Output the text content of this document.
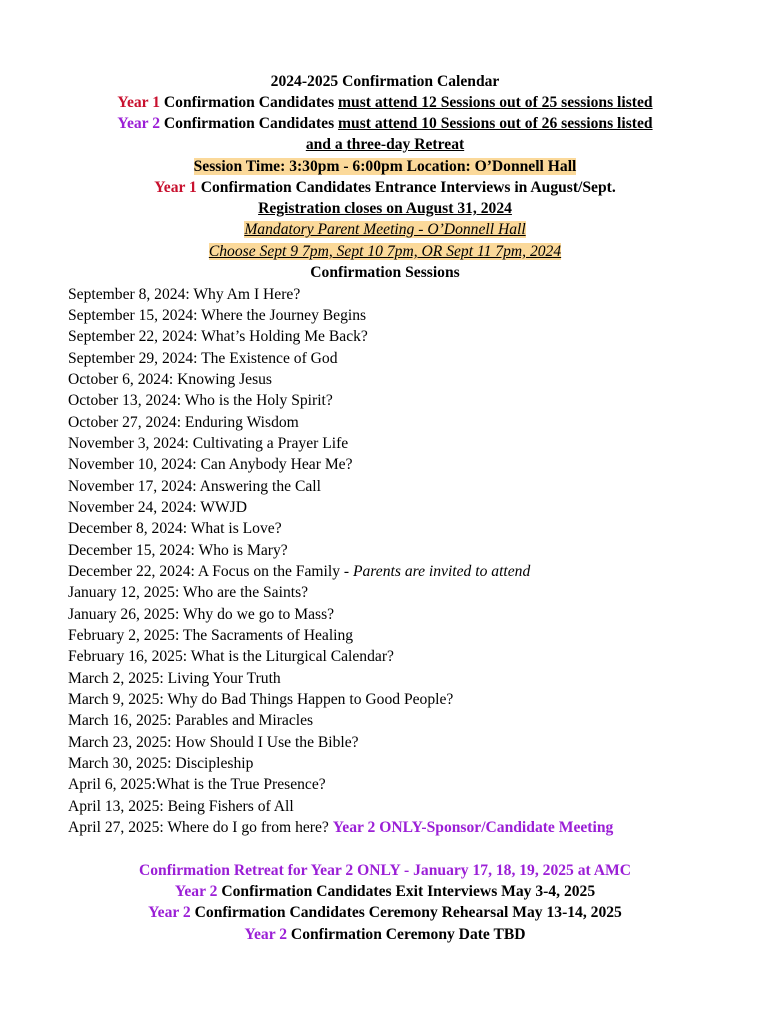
2024-2025 Confirmation Calendar
Year 1 Confirmation Candidates must attend 12 Sessions out of 25 sessions listed
Year 2 Confirmation Candidates must attend 10 Sessions out of 26 sessions listed
and a three-day Retreat
Session Time: 3:30pm - 6:00pm Location: O’Donnell Hall
Year 1 Confirmation Candidates Entrance Interviews in August/Sept.
Registration closes on August 31, 2024
Mandatory Parent Meeting - O’Donnell Hall
Choose Sept 9 7pm, Sept 10 7pm, OR Sept 11 7pm, 2024
Confirmation Sessions
September 8, 2024: Why Am I Here?
September 15, 2024: Where the Journey Begins
September 22, 2024: What’s Holding Me Back?
September 29, 2024: The Existence of God
October 6, 2024: Knowing Jesus
October 13, 2024: Who is the Holy Spirit?
October 27, 2024: Enduring Wisdom
November 3, 2024: Cultivating a Prayer Life
November 10, 2024: Can Anybody Hear Me?
November 17, 2024: Answering the Call
November 24, 2024: WWJD
December 8, 2024: What is Love?
December 15, 2024: Who is Mary?
December 22, 2024: A Focus on the Family - Parents are invited to attend
January 12, 2025: Who are the Saints?
January 26, 2025: Why do we go to Mass?
February 2, 2025: The Sacraments of Healing
February 16, 2025: What is the Liturgical Calendar?
March 2, 2025: Living Your Truth
March 9, 2025: Why do Bad Things Happen to Good People?
March 16, 2025: Parables and Miracles
March 23, 2025: How Should I Use the Bible?
March 30, 2025: Discipleship
April 6, 2025:What is the True Presence?
April 13, 2025: Being Fishers of All
April 27, 2025: Where do I go from here? Year 2 ONLY-Sponsor/Candidate Meeting
Confirmation Retreat for Year 2 ONLY - January 17, 18, 19, 2025 at AMC
Year 2 Confirmation Candidates Exit Interviews May 3-4, 2025
Year 2 Confirmation Candidates Ceremony Rehearsal May 13-14, 2025
Year 2 Confirmation Ceremony Date TBD
